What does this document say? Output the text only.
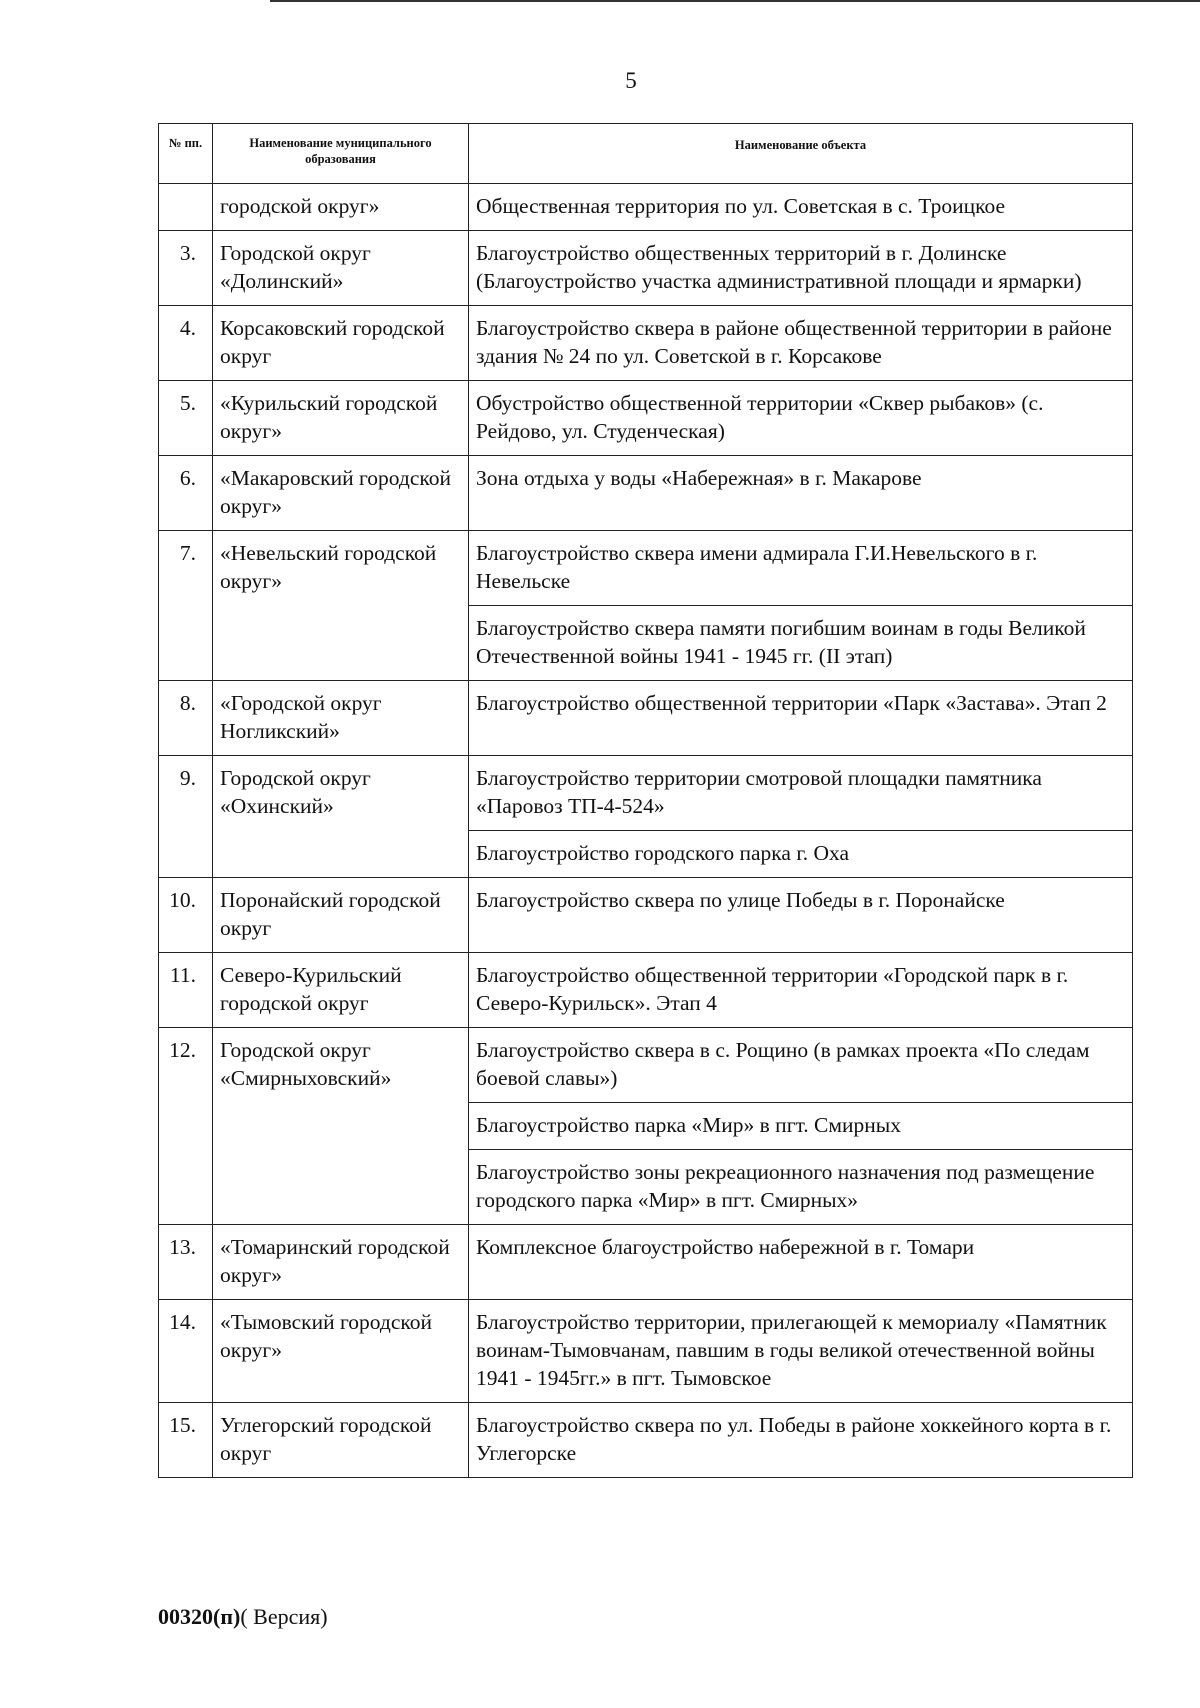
5
№ пп.	Наименование муниципального образования	Наименование объекта
	городской округ»	Общественная территория по ул. Советская в с. Троицкое
3.	Городской округ «Долинский»	Благоустройство общественных территорий в г. Долинске (Благоустройство участка административной площади и ярмарки)
4.	Корсаковский городской округ	Благоустройство сквера в районе общественной территории в районе здания № 24 по ул. Советской в г. Корсакове
5.	«Курильский городской округ»	Обустройство общественной территории «Сквер рыбаков» (с. Рейдово, ул. Студенческая)
6.	«Макаровский городской округ»	Зона отдыха у воды «Набережная» в г. Макарове
7.	«Невельский городской округ»	Благоустройство сквера имени адмирала Г.И.Невельского в г. Невельске
		Благоустройство сквера памяти погибшим воинам в годы Великой Отечественной войны 1941 - 1945 гг. (II этап)
8.	«Городской округ Ногликский»	Благоустройство общественной территории «Парк «Застава». Этап 2
9.	Городской округ «Охинский»	Благоустройство территории смотровой площадки памятника «Паровоз ТП-4-524»
		Благоустройство городского парка г. Оха
10.	Поронайский городской округ	Благоустройство сквера по улице Победы в г. Поронайске
11.	Северо-Курильский городской округ	Благоустройство общественной территории «Городской парк в г. Северо-Курильск». Этап 4
12.	Городской округ «Смирныховский»	Благоустройство сквера в с. Рощино (в рамках проекта «По следам боевой славы»)
		Благоустройство парка «Мир» в пгт. Смирных
		Благоустройство зоны рекреационного назначения под размещение городского парка «Мир» в пгт. Смирных»
13.	«Томаринский городской округ»	Комплексное благоустройство набережной в г. Томари
14.	«Тымовский городской округ»	Благоустройство территории, прилегающей к мемориалу «Памятник воинам-Тымовчанам, павшим в годы великой отечественной войны 1941 - 1945гг.» в пгт. Тымовское
15.	Углегорский городской округ	Благоустройство сквера по ул. Победы в районе хоккейного корта в г. Углегорске
00320(п)( Версия)
